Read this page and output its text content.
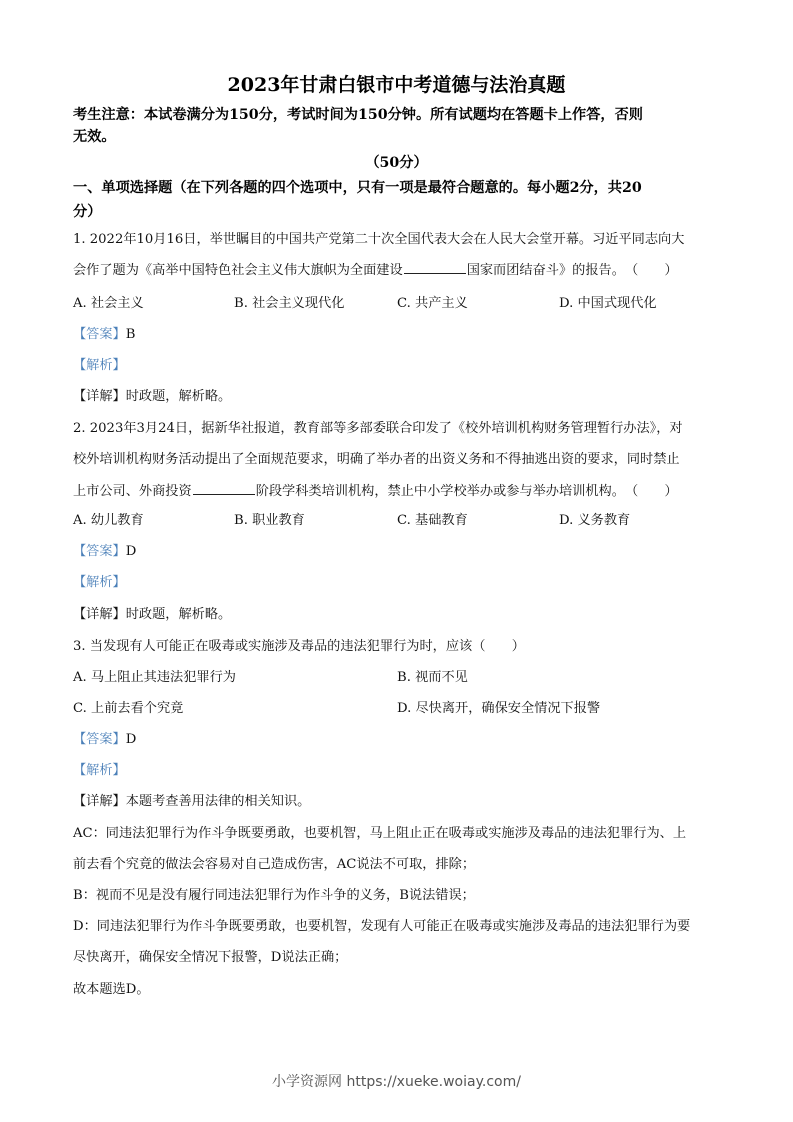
2023年甘肃白银市中考道德与法治真题
考生注意：本试卷满分为150分，考试时间为150分钟。所有试题均在答题卡上作答，否则
无效。
（50分）
一、单项选择题（在下列各题的四个选项中，只有一项是最符合题意的。每小题2分，共20
分）
1. 2022年10月16日，举世瞩目的中国共产党第二十次全国代表大会在人民大会堂开幕。习近平同志向大
会作了题为《高举中国特色社会主义伟大旗帜为全面建设	国家而团结奋斗》的报告。（　　）
A. 社会主义	B. 社会主义现代化	C. 共产主义	D. 中国式现代化
【答案】B
【解析】
【详解】时政题，解析略。
2. 2023年3月24日，据新华社报道，教育部等多部委联合印发了《校外培训机构财务管理暂行办法》，对
校外培训机构财务活动提出了全面规范要求，明确了举办者的出资义务和不得抽逃出资的要求，同时禁止
上市公司、外商投资	阶段学科类培训机构，禁止中小学校举办或参与举办培训机构。（　　）
A. 幼儿教育	B. 职业教育	C. 基础教育	D. 义务教育
【答案】D
【解析】
【详解】时政题，解析略。
3. 当发现有人可能正在吸毒或实施涉及毒品的违法犯罪行为时，应该（　　）
A. 马上阻止其违法犯罪行为	B. 视而不见
C. 上前去看个究竟	D. 尽快离开，确保安全情况下报警
【答案】D
【解析】
【详解】本题考查善用法律的相关知识。
AC：同违法犯罪行为作斗争既要勇敢，也要机智，马上阻止正在吸毒或实施涉及毒品的违法犯罪行为、上
前去看个究竟的做法会容易对自己造成伤害，AC说法不可取，排除；
B：视而不见是没有履行同违法犯罪行为作斗争的义务，B说法错误；
D：同违法犯罪行为作斗争既要勇敢，也要机智，发现有人可能正在吸毒或实施涉及毒品的违法犯罪行为要
尽快离开，确保安全情况下报警，D说法正确；
故本题选D。
小学资源网 https://xueke.woiay.com/
